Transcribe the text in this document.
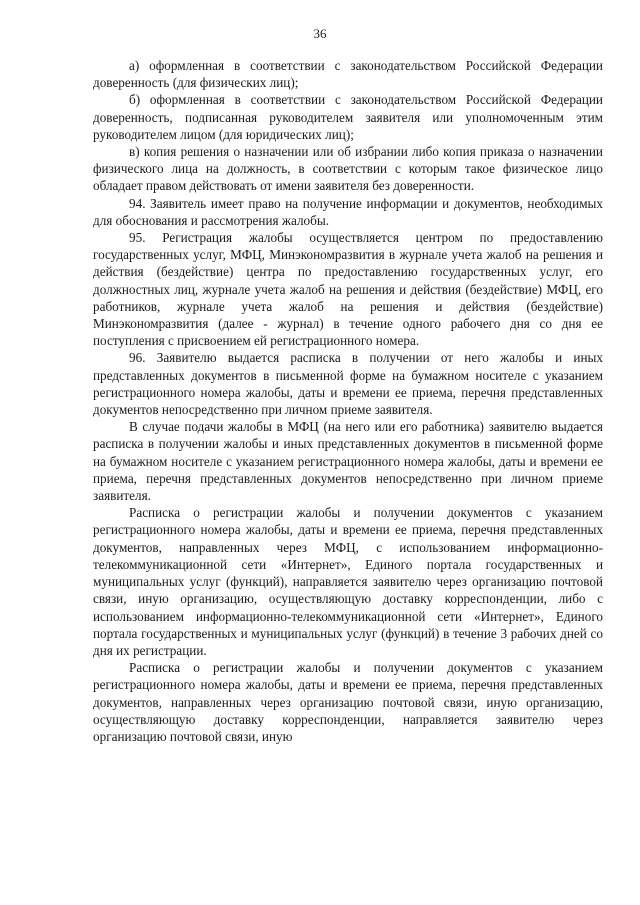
36

а) оформленная в соответствии с законодательством Российской Федерации доверенность (для физических лиц);

б) оформленная в соответствии с законодательством Российской Федерации доверенность, подписанная руководителем заявителя или уполномоченным этим руководителем лицом (для юридических лиц);

в) копия решения о назначении или об избрании либо копия приказа о назначении физического лица на должность, в соответствии с которым такое физическое лицо обладает правом действовать от имени заявителя без доверенности.

94. Заявитель имеет право на получение информации и документов, необходимых для обоснования и рассмотрения жалобы.

95. Регистрация жалобы осуществляется центром по предоставлению государственных услуг, МФЦ, Минэкономразвития в журнале учета жалоб на решения и действия (бездействие) центра по предоставлению государственных услуг, его должностных лиц, журнале учета жалоб на решения и действия (бездействие) МФЦ, его работников, журнале учета жалоб на решения и действия (бездействие) Минэкономразвития (далее - журнал) в течение одного рабочего дня со дня ее поступления с присвоением ей регистрационного номера.

96. Заявителю выдается расписка в получении от него жалобы и иных представленных документов в письменной форме на бумажном носителе с указанием регистрационного номера жалобы, даты и времени ее приема, перечня представленных документов непосредственно при личном приеме заявителя.

В случае подачи жалобы в МФЦ (на него или его работника) заявителю выдается расписка в получении жалобы и иных представленных документов в письменной форме на бумажном носителе с указанием регистрационного номера жалобы, даты и времени ее приема, перечня представленных документов непосредственно при личном приеме заявителя.

Расписка о регистрации жалобы и получении документов с указанием регистрационного номера жалобы, даты и времени ее приема, перечня представленных документов, направленных через МФЦ, с использованием информационно-телекоммуникационной сети «Интернет», Единого портала государственных и муниципальных услуг (функций), направляется заявителю через организацию почтовой связи, иную организацию, осуществляющую доставку корреспонденции, либо с использованием информационно-телекоммуникационной сети «Интернет», Единого портала государственных и муниципальных услуг (функций) в течение 3 рабочих дней со дня их регистрации.

Расписка о регистрации жалобы и получении документов с указанием регистрационного номера жалобы, даты и времени ее приема, перечня представленных документов, направленных через организацию почтовой связи, иную организацию, осуществляющую доставку корреспонденции, направляется заявителю через организацию почтовой связи, иную
